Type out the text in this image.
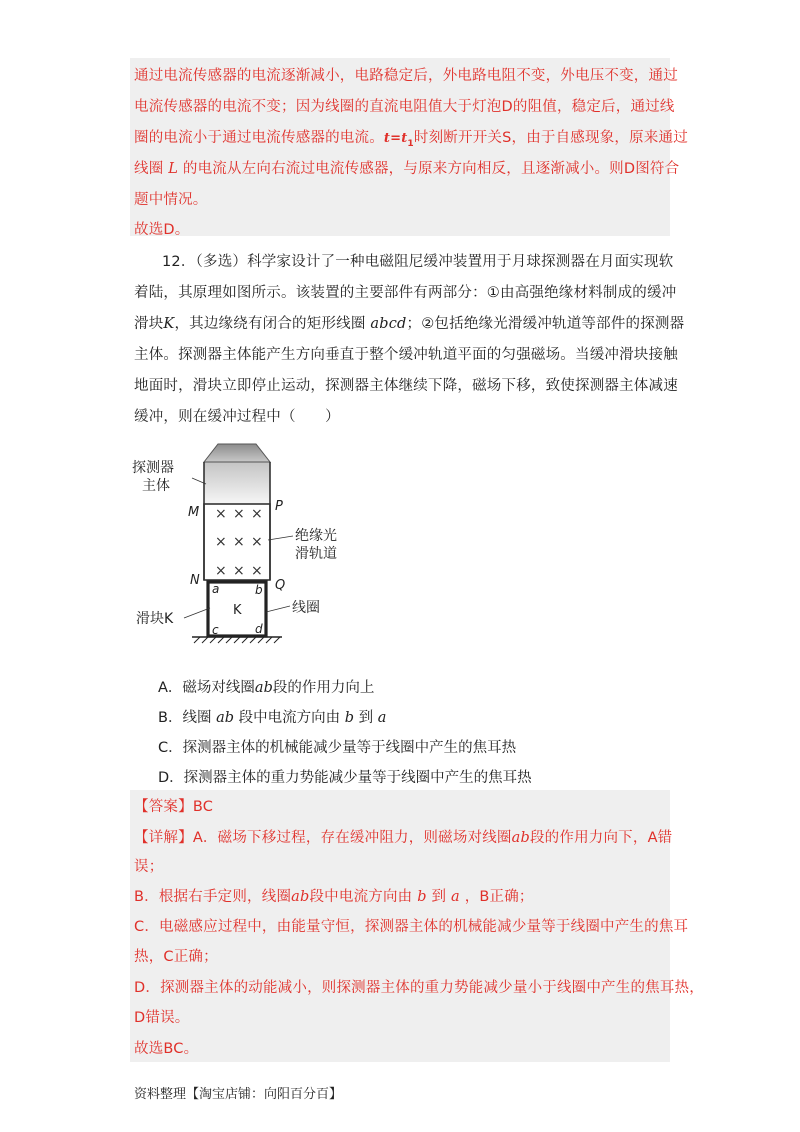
通过电流传感器的电流逐渐减小，电路稳定后，外电路电阻不变，外电压不变，通过
电流传感器的电流不变；因为线圈的直流电阻值大于灯泡D的阻值，稳定后，通过线
圈的电流小于通过电流传感器的电流。$t=t_1$时刻断开开关S，由于自感现象，原来通过
线圈 L 的电流从左向右流过电流传感器，与原来方向相反，且逐渐减小。则D图符合
题中情况。
故选D。
12．（多选）科学家设计了一种电磁阻尼缓冲装置用于月球探测器在月面实现软
着陆，其原理如图所示。该装置的主要部件有两部分：①由高强绝缘材料制成的缓冲
滑块K，其边缘绕有闭合的矩形线圈 abcd；②包括绝缘光滑缓冲轨道等部件的探测器
主体。探测器主体能产生方向垂直于整个缓冲轨道平面的匀强磁场。当缓冲滑块接触
地面时，滑块立即停止运动，探测器主体继续下降，磁场下移，致使探测器主体减速
缓冲，则在缓冲过程中（　　）
× × ×
× × ×
× × ×
探测器
主体
M	P
N	Q
a	b
c	d
K
绝缘光
滑轨道
滑块K
线圈
A．磁场对线圈ab段的作用力向上
B．线圈 ab 段中电流方向由 b 到 a
C．探测器主体的机械能减少量等于线圈中产生的焦耳热
D．探测器主体的重力势能减少量等于线圈中产生的焦耳热
【答案】BC
【详解】A．磁场下移过程，存在缓冲阻力，则磁场对线圈ab段的作用力向下，A错
误；
B．根据右手定则，线圈ab段中电流方向由 b 到 a ，B正确；
C．电磁感应过程中，由能量守恒，探测器主体的机械能减少量等于线圈中产生的焦耳
热，C正确；
D．探测器主体的动能减小，则探测器主体的重力势能减少量小于线圈中产生的焦耳热，
D错误。
故选BC。
资料整理【淘宝店铺：向阳百分百】
